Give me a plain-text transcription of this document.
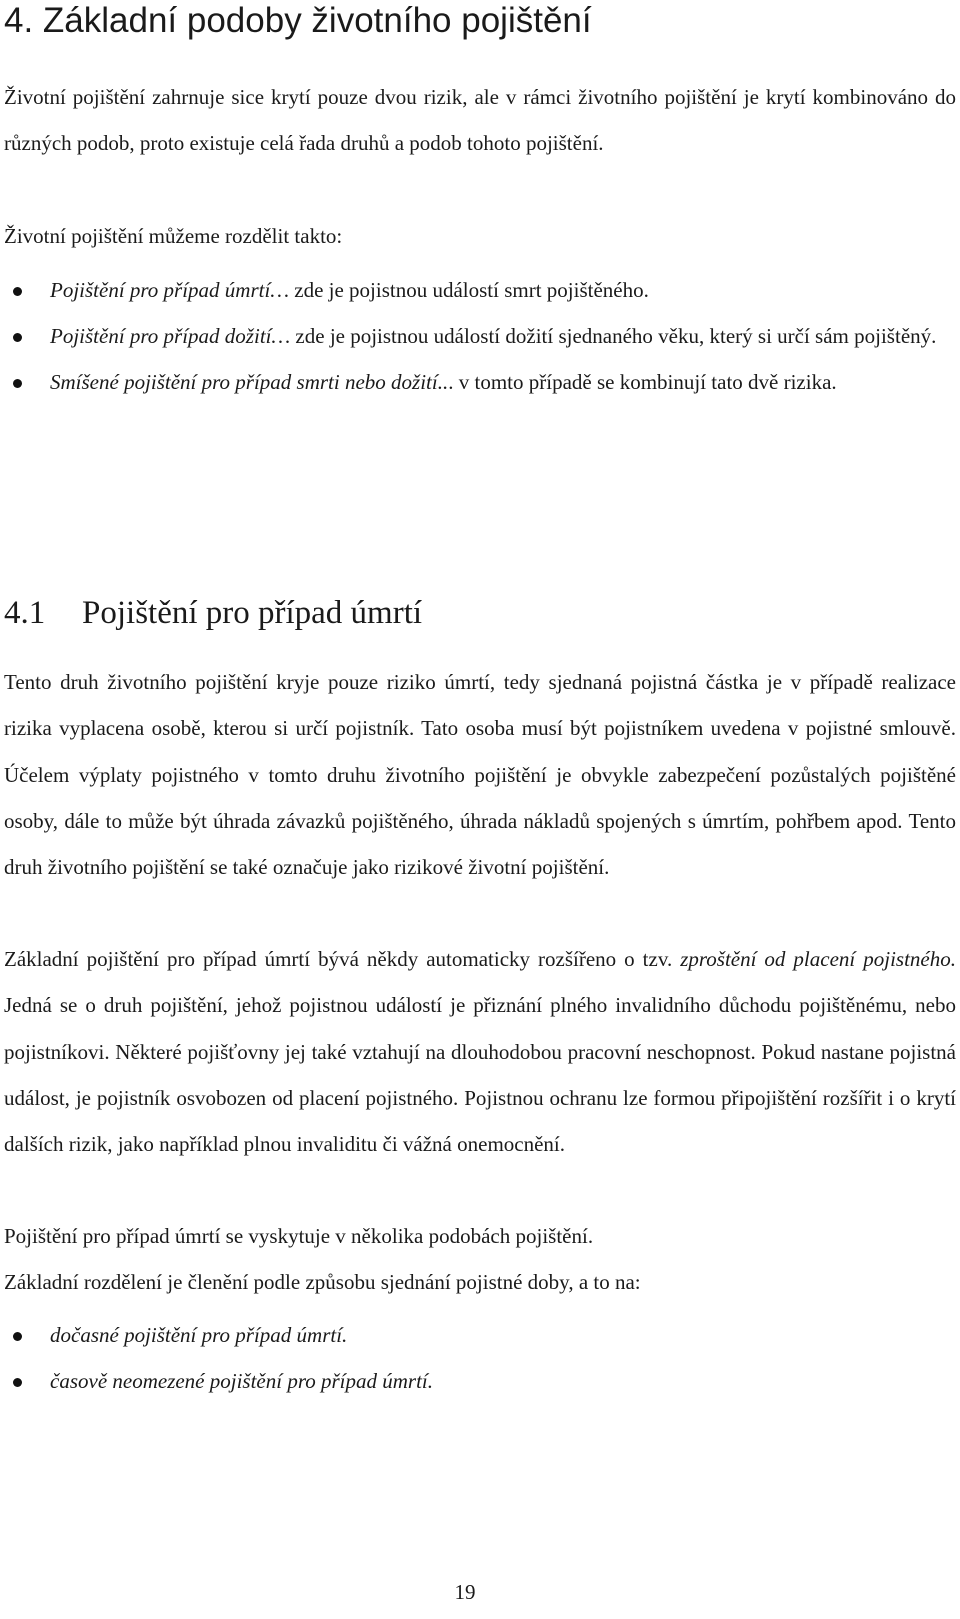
4. Základní podoby životního pojištění

Životní pojištění zahrnuje sice krytí pouze dvou rizik, ale v rámci životního pojištění je krytí kombinováno do různých podob, proto existuje celá řada druhů a podob tohoto pojištění.

Životní pojištění můžeme rozdělit takto:

Pojištění pro případ úmrtí… zde je pojistnou událostí smrt pojištěného.
Pojištění pro případ dožití… zde je pojistnou událostí dožití sjednaného věku, který si určí sám pojištěný.
Smíšené pojištění pro případ smrti nebo dožití... v tomto případě se kombinují tato dvě rizika.
4.1 Pojištění pro případ úmrtí

Tento druh životního pojištění kryje pouze riziko úmrtí, tedy sjednaná pojistná částka je v případě realizace rizika vyplacena osobě, kterou si určí pojistník. Tato osoba musí být pojistníkem uvedena v pojistné smlouvě. Účelem výplaty pojistného v tomto druhu životního pojištění je obvykle zabezpečení pozůstalých pojištěné osoby, dále to může být úhrada závazků pojištěného, úhrada nákladů spojených s úmrtím, pohřbem apod. Tento druh životního pojištění se také označuje jako rizikové životní pojištění.

Základní pojištění pro případ úmrtí bývá někdy automaticky rozšířeno o tzv. zproštění od placení pojistného. Jedná se o druh pojištění, jehož pojistnou událostí je přiznání plného invalidního důchodu pojištěnému, nebo pojistníkovi. Některé pojišťovny jej také vztahují na dlouhodobou pracovní neschopnost. Pokud nastane pojistná událost, je pojistník osvobozen od placení pojistného. Pojistnou ochranu lze formou připojištění rozšířit i o krytí dalších rizik, jako například plnou invaliditu či vážná onemocnění.

Pojištění pro případ úmrtí se vyskytuje v několika podobách pojištění.

Základní rozdělení je členění podle způsobu sjednání pojistné doby, a to na:

dočasné pojištění pro případ úmrtí.
časově neomezené pojištění pro případ úmrtí.
19
